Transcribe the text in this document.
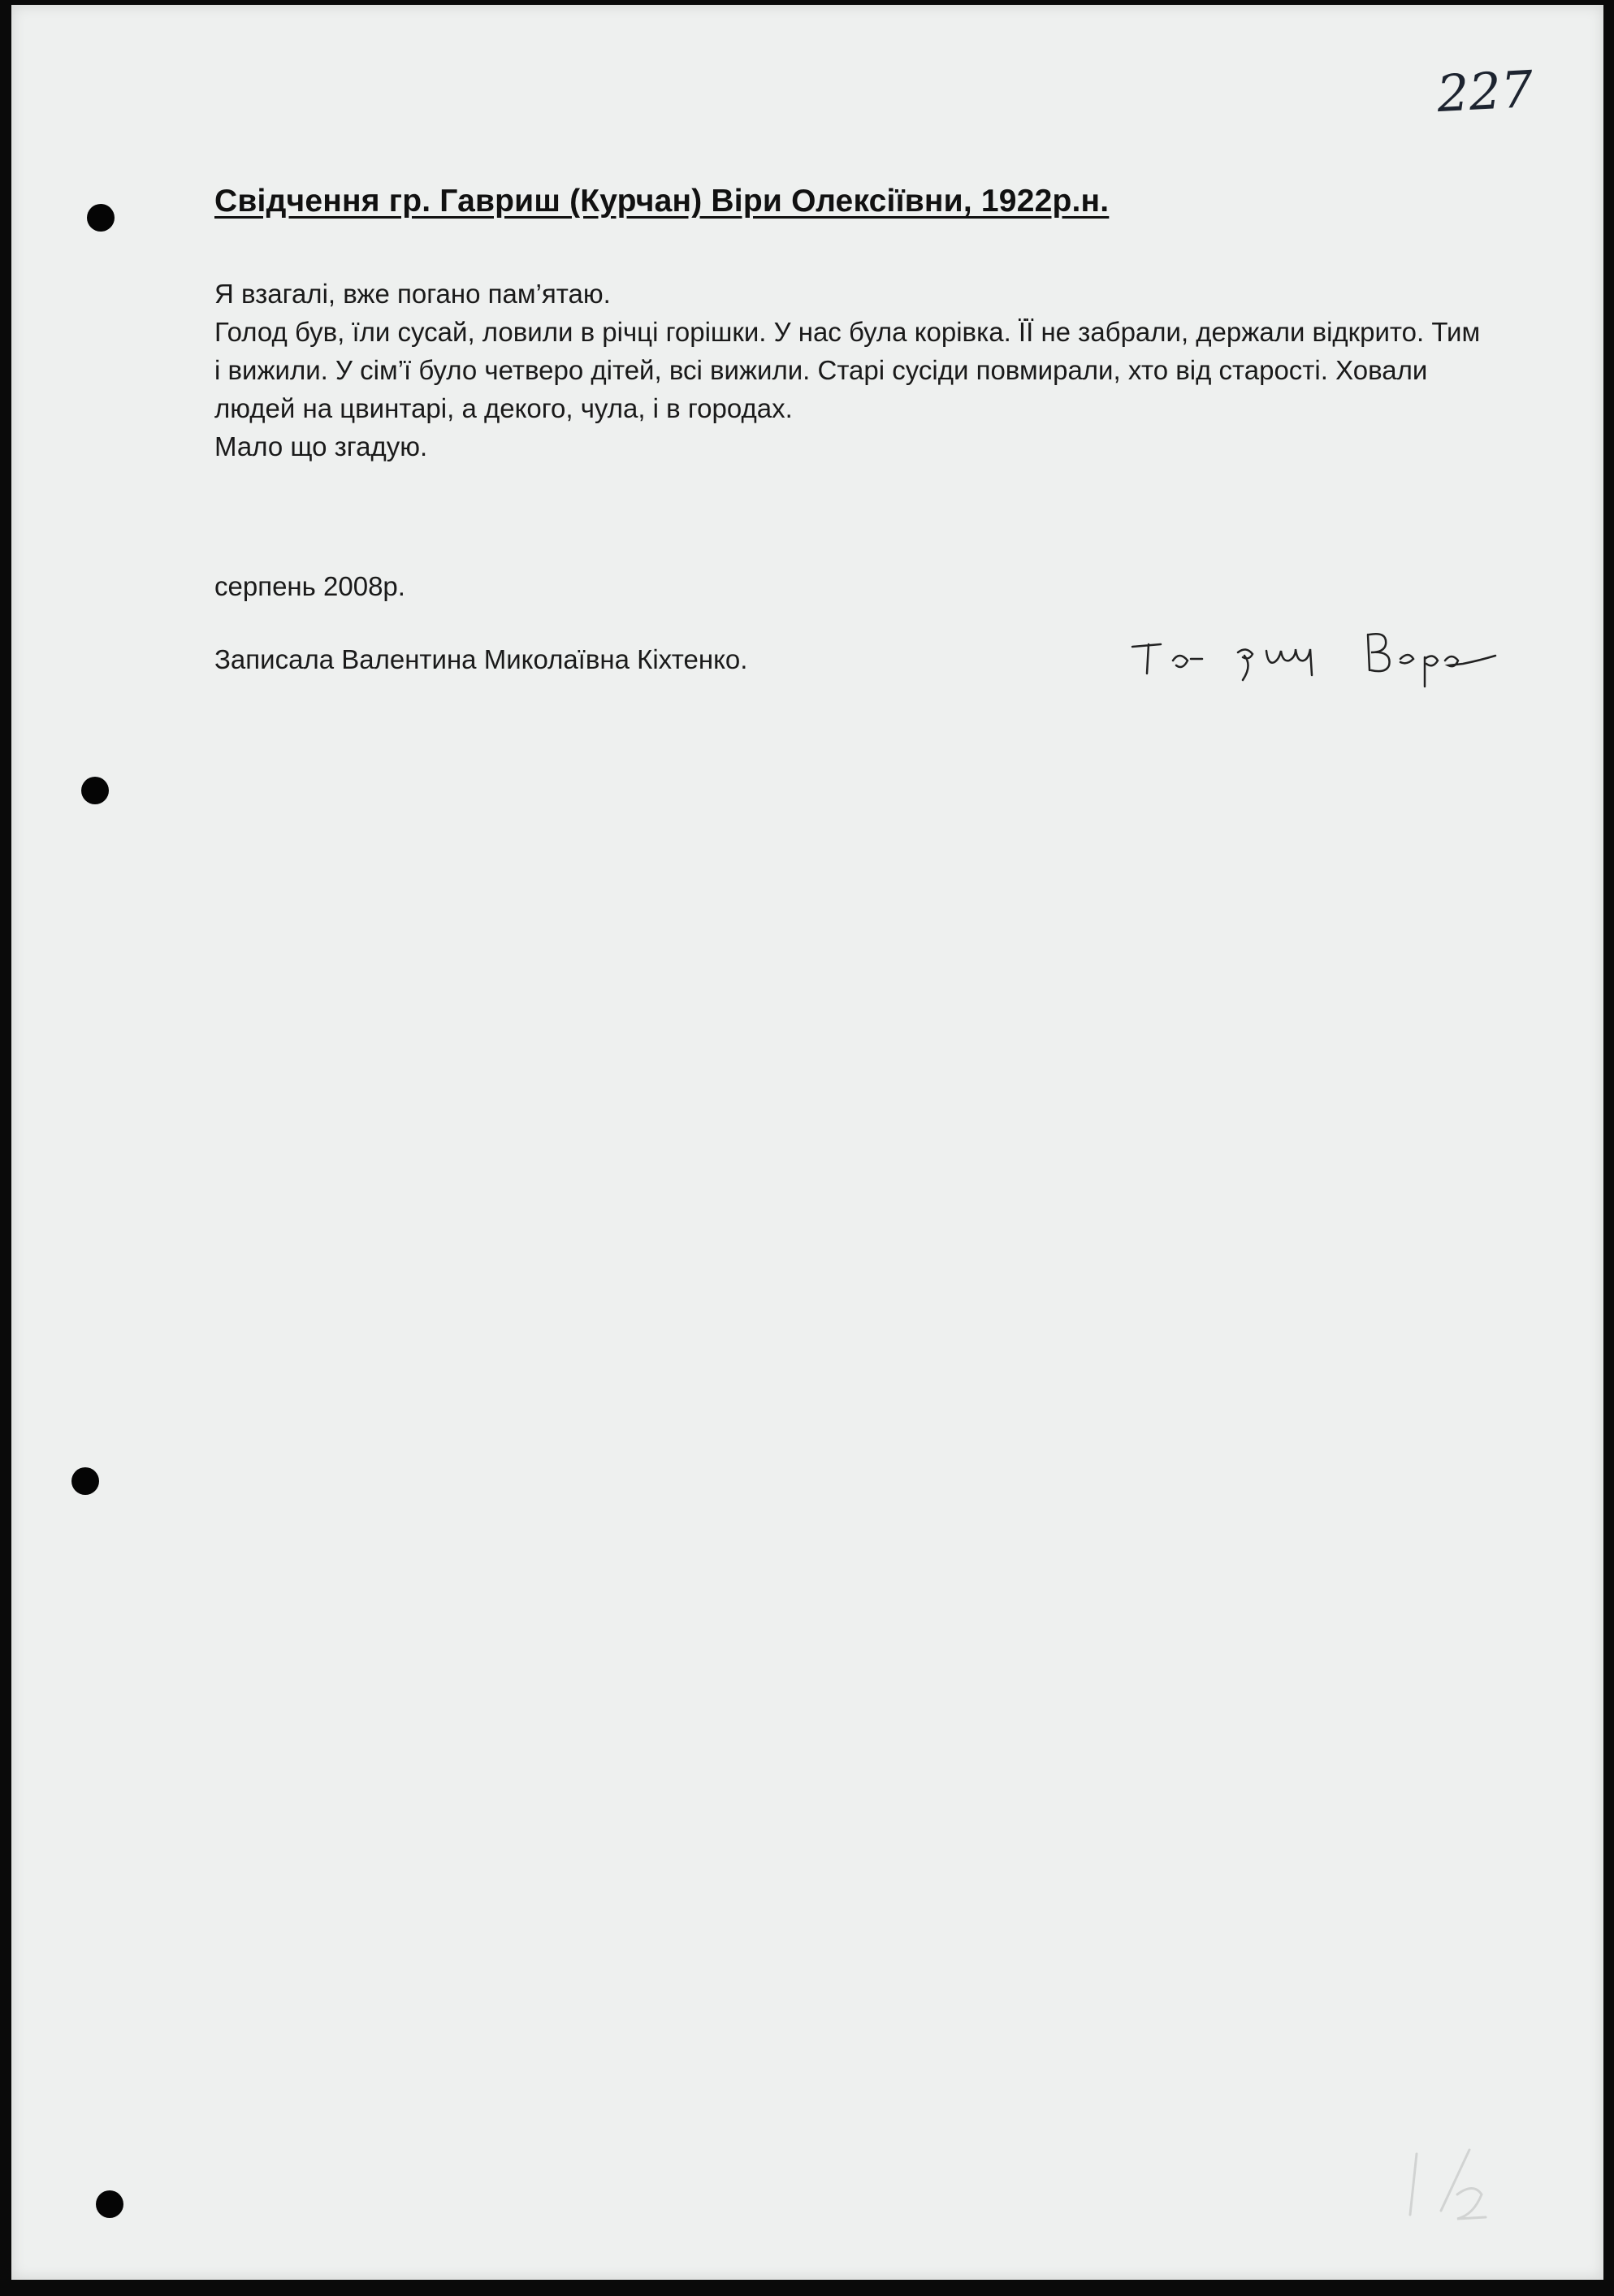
227
Свідчення гр. Гавриш (Курчан) Віри Олексіївни, 1922р.н.

Я взагалі, вже погано пам’ятаю.

Голод був, їли сусай, ловили в річці горішки. У нас була корівка. ЇЇ не забрали, держали відкрито. Тим і вижили. У сім’ї було четверо дітей, всі вижили. Старі сусіди повмирали, хто від старості. Ховали людей на цвинтарі, а декого, чула, і в городах.

Мало що згадую.

серпень 2008р.

Записала Валентина Миколаївна Кіхтенко.
